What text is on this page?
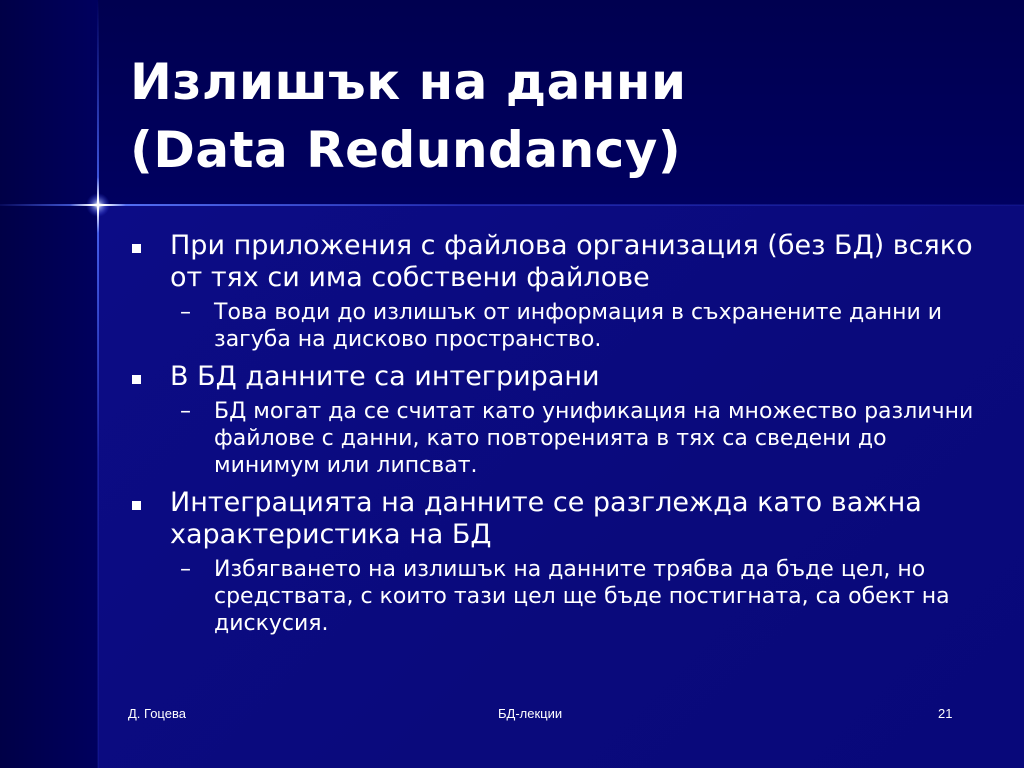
Излишък на данни
(Data Redundancy)
При приложения с файлова организация (без БД) всяко от тях си има собствени файлове
– Това води до излишък от информация в съхранените данни и загуба на дисково пространство.
В БД данните са интегрирани
– БД могат да се считат като унификация на множество различни файлове с данни, като повторенията в тях са сведени до минимум или липсват.
Интеграцията на данните се разглежда като важна характеристика на БД
– Избягването на излишък на данните трябва да бъде цел, но средствата, с които тази цел ще бъде постигната, са обект на дискусия.
Д. Гоцева	БД-лекции	21
